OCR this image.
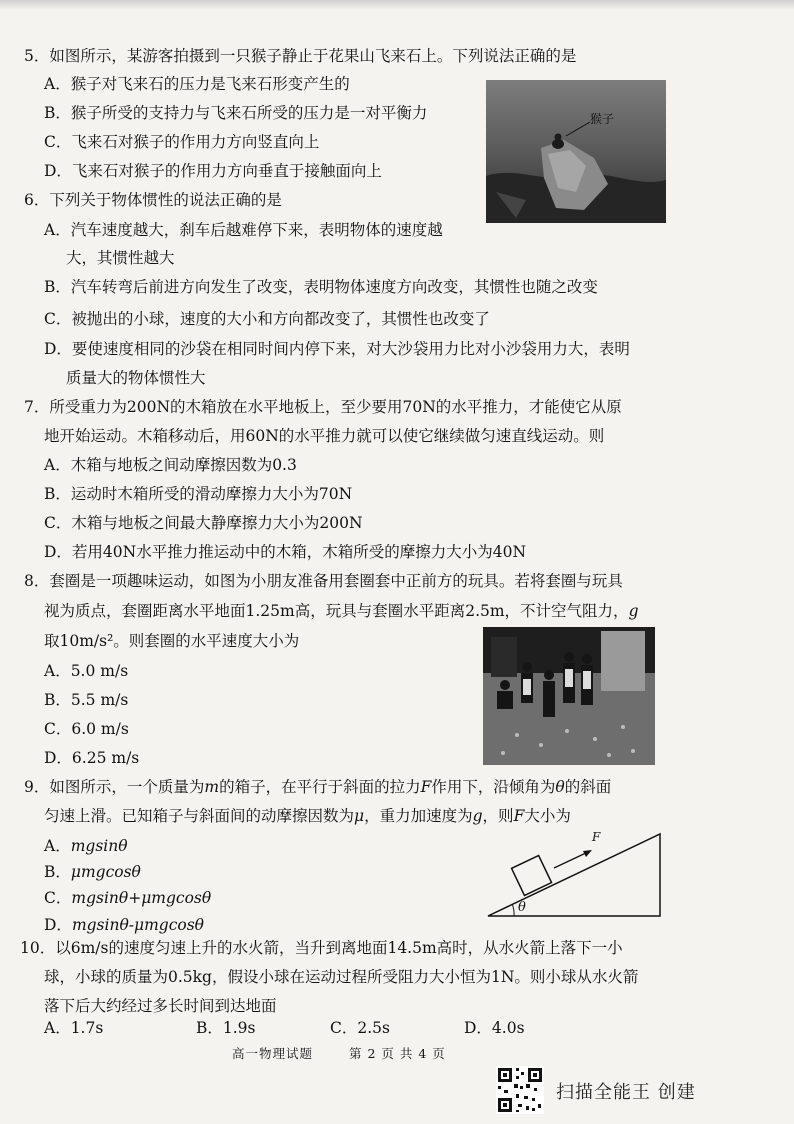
5．如图所示，某游客拍摄到一只猴子静止于花果山飞来石上。下列说法正确的是
A．猴子对飞来石的压力是飞来石形变产生的
B．猴子所受的支持力与飞来石所受的压力是一对平衡力
C．飞来石对猴子的作用力方向竖直向上
D．飞来石对猴子的作用力方向垂直于接触面向上
猴子
6．下列关于物体惯性的说法正确的是
A．汽车速度越大，刹车后越难停下来，表明物体的速度越
大，其惯性越大
B．汽车转弯后前进方向发生了改变，表明物体速度方向改变，其惯性也随之改变
C．被抛出的小球，速度的大小和方向都改变了，其惯性也改变了
D．要使速度相同的沙袋在相同时间内停下来，对大沙袋用力比对小沙袋用力大，表明
质量大的物体惯性大
7．所受重力为200N的木箱放在水平地板上，至少要用70N的水平推力，才能使它从原
地开始运动。木箱移动后，用60N的水平推力就可以使它继续做匀速直线运动。则
A．木箱与地板之间动摩擦因数为0.3
B．运动时木箱所受的滑动摩擦力大小为70N
C．木箱与地板之间最大静摩擦力大小为200N
D．若用40N水平推力推运动中的木箱，木箱所受的摩擦力大小为40N
8．套圈是一项趣味运动，如图为小朋友准备用套圈套中正前方的玩具。若将套圈与玩具
视为质点，套圈距离水平地面1.25m高，玩具与套圈水平距离2.5m，不计空气阻力，g
取10m/s²。则套圈的水平速度大小为
A．5.0 m/s
B．5.5 m/s
C．6.0 m/s
D．6.25 m/s
9．如图所示，一个质量为m的箱子，在平行于斜面的拉力F作用下，沿倾角为θ的斜面
匀速上滑。已知箱子与斜面间的动摩擦因数为μ，重力加速度为g，则F大小为
A．mgsinθ
B．μmgcosθ
C．mgsinθ+μmgcosθ
D．mgsinθ-μmgcosθ
F
θ
10．以6m/s的速度匀速上升的水火箭，当升到离地面14.5m高时，从水火箭上落下一小
球，小球的质量为0.5kg，假设小球在运动过程所受阻力大小恒为1N。则小球从水火箭
落下后大约经过多长时间到达地面
A．1.7s	B．1.9s	C．2.5s	D．4.0s
高一物理试题	第 2 页 共 4 页
扫描全能王 创建
